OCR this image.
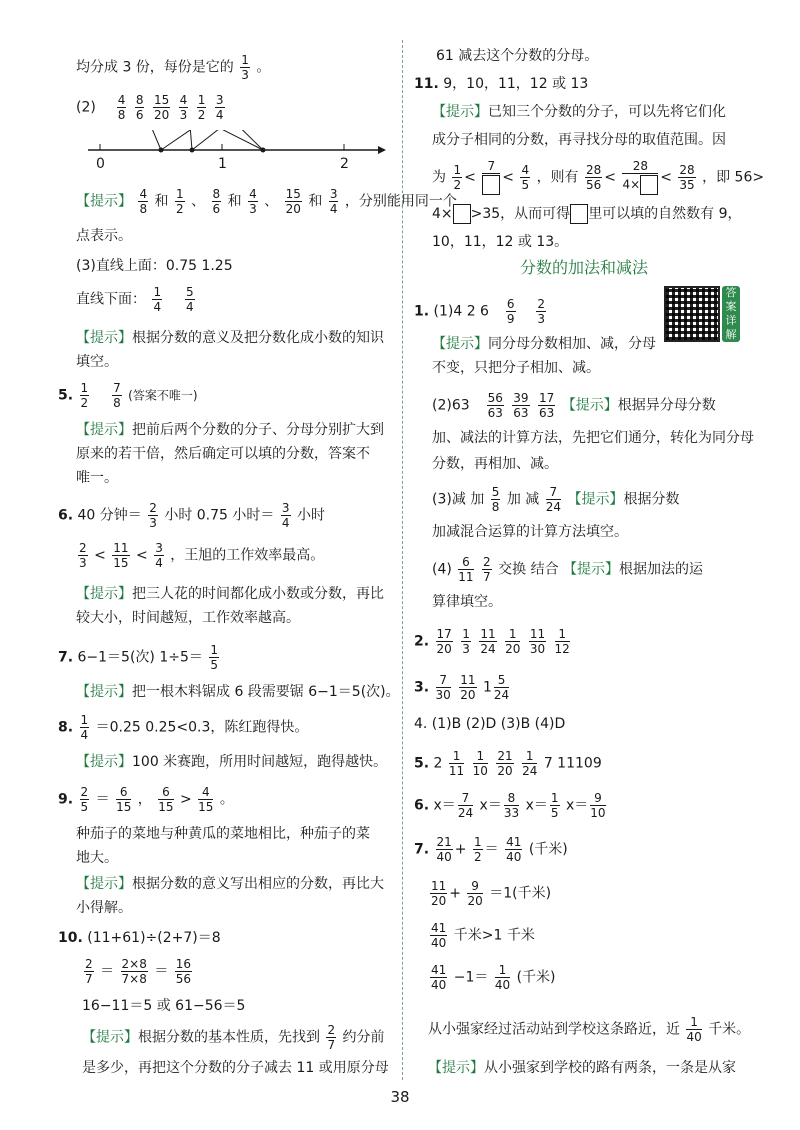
均分成 3 份，每份是它的 $\frac{1}{3}$ 。
$(2) \frac{4}{8}$
$\frac{8}{6}$
$\frac{15}{20}$
$\frac{4}{3}$
$\frac{1}{2}$
$\frac{3}{4}$
0	1	2
【提示】 $\frac{4}{8}$ 和 $\frac{1}{2}$ 、 $\frac{8}{6}$ 和 $\frac{4}{3}$ 、 $\frac{15}{20}$ 和 $\frac{3}{4}$ ，分别能用同一个
点表示。
(3)直线上面：0.75 1.25
直线下面： $\frac{1}{4}$
$\frac{5}{4}$
【提示】根据分数的意义及把分数化成小数的知识
填空。
5. $\frac{1}{2}$
$\frac{7}{8}$ (答案不唯一)
【提示】把前后两个分数的分子、分母分别扩大到
原来的若干倍，然后确定可以填的分数，答案不
唯一。
6. 40 分钟＝ $\frac{2}{3}$ 小时 0.75 小时＝ $\frac{3}{4}$ 小时
$\frac{2}{3} < \frac{11}{15} < \frac{3}{4}$ ，王旭的工作效率最高。
【提示】把三人花的时间都化成小数或分数，再比
较大小，时间越短，工作效率越高。
7. 6−1＝5(次) $1\div 5= \frac{1}{5}$
【提示】把一根木料锯成 6 段需要锯 6−1＝5(次)。
8. $\frac{1}{4} =0.25$ 0.25<0.3，陈红跑得快。
【提示】100 米赛跑，所用时间越短，跑得越快。
9. $\frac{2}{5} = \frac{6}{15}$ ， $\frac{6}{15} > \frac{4}{15}$ 。
种茄子的菜地与种黄瓜的菜地相比，种茄子的菜
地大。
【提示】根据分数的意义写出相应的分数，再比大
小得解。
10. (11+61)÷(2+7)＝8
$\frac{2}{7} = \frac{2\times 8}{7\times 8} = \frac{16}{56}$
16−11＝5 或 61−56＝5
【提示】根据分数的基本性质，先找到 $\frac{2}{7}$ 约分前
是多少，再把这个分数的分子减去 11 或用原分母
61 减去这个分数的分母。
11. 9，10，11，12 或 13
【提示】已知三个分数的分子，可以先将它们化
成分子相同的分数，再寻找分母的取值范围。因
为 $\frac{1}{2}$ <
7
< $\frac{4}{5}$ ，则有 $\frac{28}{56} < \frac{28}{4\times} < \frac{28}{35}$ ，即 56>
4× >35，从而可得 里可以填的自然数有 9，
10，11，12 或 13。
分数的加法和减法
1. (1)4 2 $6 \frac{6}{9}$
$\frac{2}{3}$
【提示】同分母分数相加、减，分母
不变，只把分子相加、减。
$(2)63 \frac{56}{63}$
$\frac{39}{63}$
$\frac{17}{63}$ 【提示】根据异分母分数
加、减法的计算方法，先把它们通分，转化为同分母
分数，再相加、减。
(3)减 加 $\frac{5}{8}$ 加 减 $\frac{7}{24}$ 【提示】根据分数
加减混合运算的计算方法填空。
$(4) \frac{6}{11}$
$\frac{2}{7}$ 交换 结合 【提示】根据加法的运
算律填空。
2. $\frac{17}{20}$
$\frac{1}{3}$
$\frac{11}{24}$
$\frac{1}{20}$
$\frac{11}{30}$
$\frac{1}{12}$
3. $\frac{7}{30}$
$\frac{11}{20} 1 \frac{5}{24}$
4. (1)B (2)D (3)B (4)D
5. $2 \frac{1}{11}$
$\frac{1}{10}$
$\frac{21}{20}$
$\frac{1}{24} 7$ 11109
6. $x= \frac{7}{24} x= \frac{8}{33} x= \frac{1}{5} x= \frac{9}{10}$
7. $\frac{21}{40} + \frac{1}{2} = \frac{41}{40}$ (千米)
$\frac{11}{20} + \frac{9}{20} =1$(千米)
$\frac{41}{40}$ 千米>1 千米
$\frac{41}{40} -1= \frac{1}{40}$ (千米)
从小强家经过活动站到学校这条路近，近 $\frac{1}{40}$ 千米。
【提示】从小强家到学校的路有两条，一条是从家
答案详解
38
